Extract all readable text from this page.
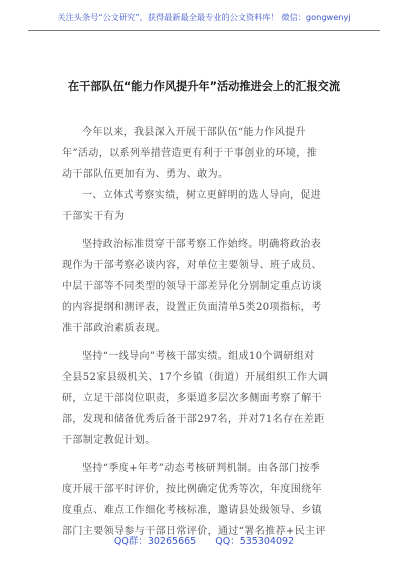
关注头条号“公文研究”，获得最新最全最专业的公文资料库！ 微信：gongwenyj
在干部队伍“能力作风提升年”活动推进会上的汇报交流
今年以来，我县深入开展干部队伍“能力作风提升
年”活动，以系列举措营造更有利于干事创业的环境，推
动干部队伍更加有为、勇为、敢为。
一、立体式考察实绩，树立更鲜明的选人导向，促进
干部实干有为
坚持政治标准贯穿干部考察工作始终。明确将政治表
现作为干部考察必谈内容，对单位主要领导、班子成员、
中层干部等不同类型的领导干部差异化分别制定重点访谈
的内容提纲和测评表，设置正负面清单5类20项指标，考
准干部政治素质表现。
坚持“一线导向”考核干部实绩。组成10个调研组对
全县52家县级机关、17个乡镇（街道）开展组织工作大调
研，立足干部岗位职责，多渠道多层次多侧面考察了解干
部，发现和储备优秀后备干部297名，并对71名存在差距
干部制定教促计划。
坚持“季度+年考”动态考核研判机制。由各部门按季
度开展干部平时评价，按比例确定优秀等次，年度围绕年
度重点、难点工作细化考核标准，邀请县处级领导、乡镇
部门主要领导参与干部日常评价，通过“署名推荐+民主评
QQ群：30265665 QQ：535304092
